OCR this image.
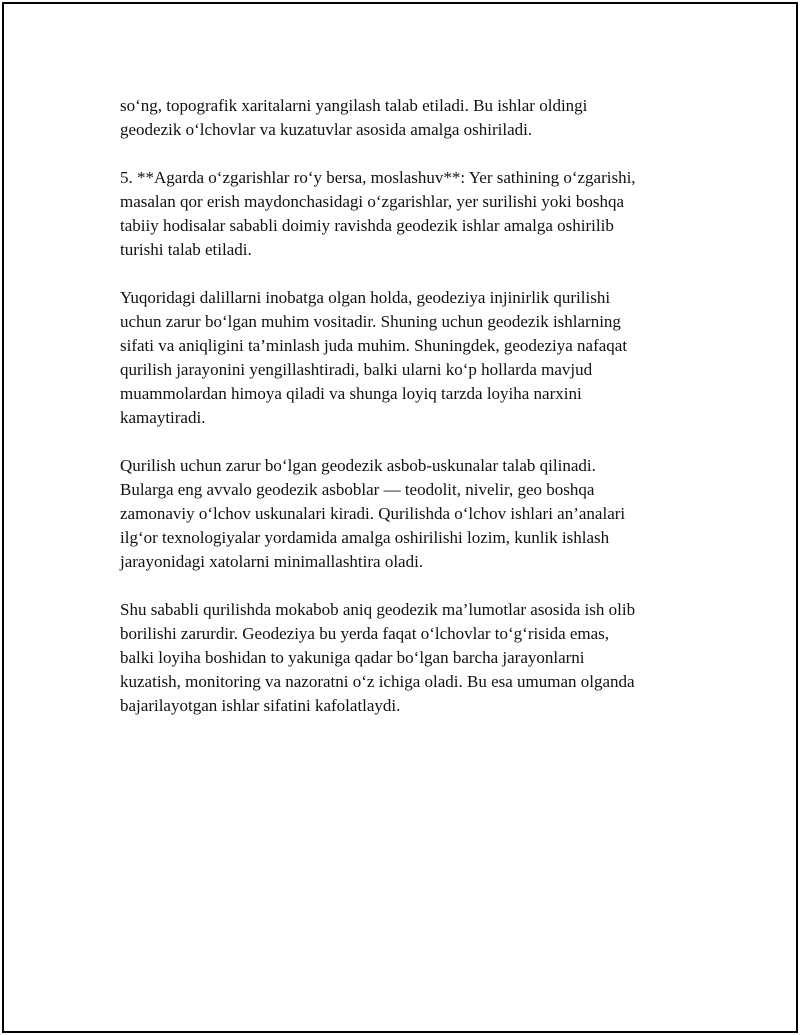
so‘ng, topografik xaritalarni yangilash talab etiladi. Bu ishlar oldingi
geodezik o‘lchovlar va kuzatuvlar asosida amalga oshiriladi.

5. **Agarda o‘zgarishlar ro‘y bersa, moslashuv**: Yer sathining o‘zgarishi,
masalan qor erish maydonchasidagi o‘zgarishlar, yer surilishi yoki boshqa
tabiiy hodisalar sababli doimiy ravishda geodezik ishlar amalga oshirilib
turishi talab etiladi.

Yuqoridagi dalillarni inobatga olgan holda, geodeziya injinirlik qurilishi
uchun zarur bo‘lgan muhim vositadir. Shuning uchun geodezik ishlarning
sifati va aniqligini ta’minlash juda muhim. Shuningdek, geodeziya nafaqat
qurilish jarayonini yengillashtiradi, balki ularni ko‘p hollarda mavjud
muammolardan himoya qiladi va shunga loyiq tarzda loyiha narxini
kamaytiradi.

Qurilish uchun zarur bo‘lgan geodezik asbob-uskunalar talab qilinadi.
Bularga eng avvalo geodezik asboblar — teodolit, nivelir, geo boshqa
zamonaviy o‘lchov uskunalari kiradi. Qurilishda o‘lchov ishlari an’analari
ilg‘or texnologiyalar yordamida amalga oshirilishi lozim, kunlik ishlash
jarayonidagi xatolarni minimallashtira oladi.

Shu sababli qurilishda mokabob aniq geodezik ma’lumotlar asosida ish olib
borilishi zarurdir. Geodeziya bu yerda faqat o‘lchovlar to‘g‘risida emas,
balki loyiha boshidan to yakuniga qadar bo‘lgan barcha jarayonlarni
kuzatish, monitoring va nazoratni o‘z ichiga oladi. Bu esa umuman olganda
bajarilayotgan ishlar sifatini kafolatlaydi.
